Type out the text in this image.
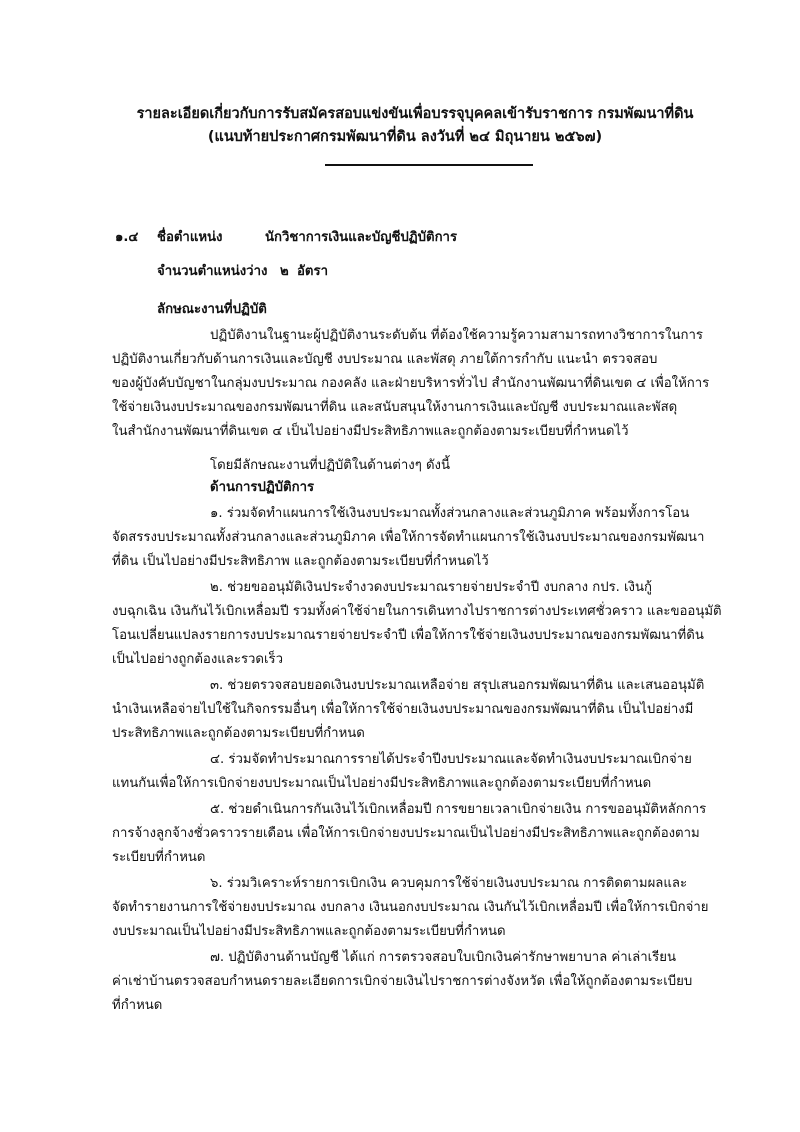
รายละเอียดเกี่ยวกับการรับสมัครสอบแข่งขันเพื่อบรรจุบุคคลเข้ารับราชการ กรมพัฒนาที่ดิน
(แนบท้ายประกาศกรมพัฒนาที่ดิน ลงวันที่ ๒๔ มิถุนายน ๒๕๖๗)
๑.๔ ชื่อตำแหน่ง	นักวิชาการเงินและบัญชีปฏิบัติการ
จำนวนตำแหน่งว่าง ๒ อัตรา
ลักษณะงานที่ปฏิบัติ
ปฏิบัติงานในฐานะผู้ปฏิบัติงานระดับต้น ที่ต้องใช้ความรู้ความสามารถทางวิชาการในการ
ปฏิบัติงานเกี่ยวกับด้านการเงินและบัญชี งบประมาณ และพัสดุ ภายใต้การกำกับ แนะนำ ตรวจสอบ
ของผู้บังคับบัญชาในกลุ่มงบประมาณ กองคลัง และฝ่ายบริหารทั่วไป สำนักงานพัฒนาที่ดินเขต ๔ เพื่อให้การ
ใช้จ่ายเงินงบประมาณของกรมพัฒนาที่ดิน และสนับสนุนให้งานการเงินและบัญชี งบประมาณและพัสดุ
ในสำนักงานพัฒนาที่ดินเขต ๔ เป็นไปอย่างมีประสิทธิภาพและถูกต้องตามระเบียบที่กำหนดไว้
โดยมีลักษณะงานที่ปฏิบัติในด้านต่างๆ ดังนี้
ด้านการปฏิบัติการ
๑. ร่วมจัดทำแผนการใช้เงินงบประมาณทั้งส่วนกลางและส่วนภูมิภาค พร้อมทั้งการโอน
จัดสรรงบประมาณทั้งส่วนกลางและส่วนภูมิภาค เพื่อให้การจัดทำแผนการใช้เงินงบประมาณของกรมพัฒนา
ที่ดิน เป็นไปอย่างมีประสิทธิภาพ และถูกต้องตามระเบียบที่กำหนดไว้
๒. ช่วยขออนุมัติเงินประจำงวดงบประมาณรายจ่ายประจำปี งบกลาง กปร. เงินกู้
งบฉุกเฉิน เงินกันไว้เบิกเหลื่อมปี รวมทั้งค่าใช้จ่ายในการเดินทางไปราชการต่างประเทศชั่วคราว และขออนุมัติ
โอนเปลี่ยนแปลงรายการงบประมาณรายจ่ายประจำปี เพื่อให้การใช้จ่ายเงินงบประมาณของกรมพัฒนาที่ดิน
เป็นไปอย่างถูกต้องและรวดเร็ว
๓. ช่วยตรวจสอบยอดเงินงบประมาณเหลือจ่าย สรุปเสนอกรมพัฒนาที่ดิน และเสนออนุมัติ
นำเงินเหลือจ่ายไปใช้ในกิจกรรมอื่นๆ เพื่อให้การใช้จ่ายเงินงบประมาณของกรมพัฒนาที่ดิน เป็นไปอย่างมี
ประสิทธิภาพและถูกต้องตามระเบียบที่กำหนด
๔. ร่วมจัดทำประมาณการรายได้ประจำปีงบประมาณและจัดทำเงินงบประมาณเบิกจ่าย
แทนกันเพื่อให้การเบิกจ่ายงบประมาณเป็นไปอย่างมีประสิทธิภาพและถูกต้องตามระเบียบที่กำหนด
๕. ช่วยดำเนินการกันเงินไว้เบิกเหลื่อมปี การขยายเวลาเบิกจ่ายเงิน การขออนุมัติหลักการ
การจ้างลูกจ้างชั่วคราวรายเดือน เพื่อให้การเบิกจ่ายงบประมาณเป็นไปอย่างมีประสิทธิภาพและถูกต้องตาม
ระเบียบที่กำหนด
๖. ร่วมวิเคราะห์รายการเบิกเงิน ควบคุมการใช้จ่ายเงินงบประมาณ การติดตามผลและ
จัดทำรายงานการใช้จ่ายงบประมาณ งบกลาง เงินนอกงบประมาณ เงินกันไว้เบิกเหลื่อมปี เพื่อให้การเบิกจ่าย
งบประมาณเป็นไปอย่างมีประสิทธิภาพและถูกต้องตามระเบียบที่กำหนด
๗. ปฏิบัติงานด้านบัญชี ได้แก่ การตรวจสอบใบเบิกเงินค่ารักษาพยาบาล ค่าเล่าเรียน
ค่าเช่าบ้านตรวจสอบกำหนดรายละเอียดการเบิกจ่ายเงินไปราชการต่างจังหวัด เพื่อให้ถูกต้องตามระเบียบ
ที่กำหนด
